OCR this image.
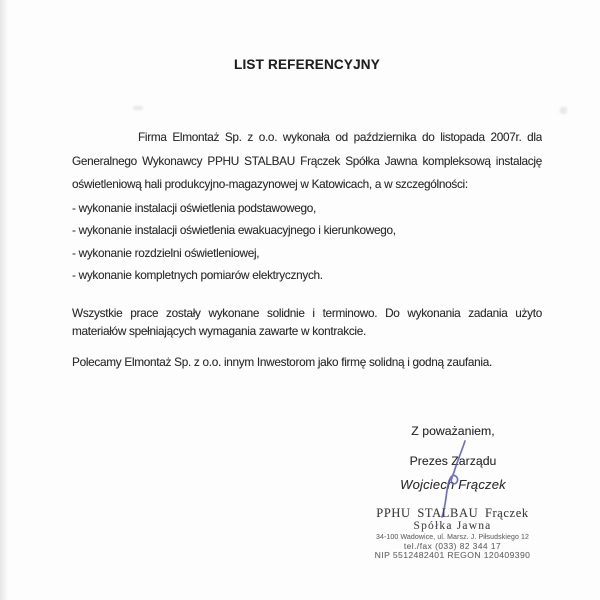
LIST REFERENCYJNY
Firma Elmontaż Sp. z o.o. wykonała od października do listopada 2007r. dla
Generalnego Wykonawcy PPHU STALBAU Frączek Spółka Jawna kompleksową instalację
oświetleniową hali produkcyjno-magazynowej w Katowicach, a w szczególności:
- wykonanie instalacji oświetlenia podstawowego,
- wykonanie instalacji oświetlenia ewakuacyjnego i kierunkowego,
- wykonanie rozdzielni oświetleniowej,
- wykonanie kompletnych pomiarów elektrycznych.
Wszystkie prace zostały wykonane solidnie i terminowo. Do wykonania zadania użyto
materiałów spełniających wymagania zawarte w kontrakcie.
Polecamy Elmontaż Sp. z o.o. innym Inwestorom jako firmę solidną i godną zaufania.
Z poważaniem,
Prezes Zarządu
Wojciech Frączek
PPHU STALBAU Frączek
Spółka Jawna
34-100 Wadowice, ul. Marsz. J. Piłsudskiego 12
tel./fax (033) 82 344 17
NIP 5512482401 REGON 120409390
